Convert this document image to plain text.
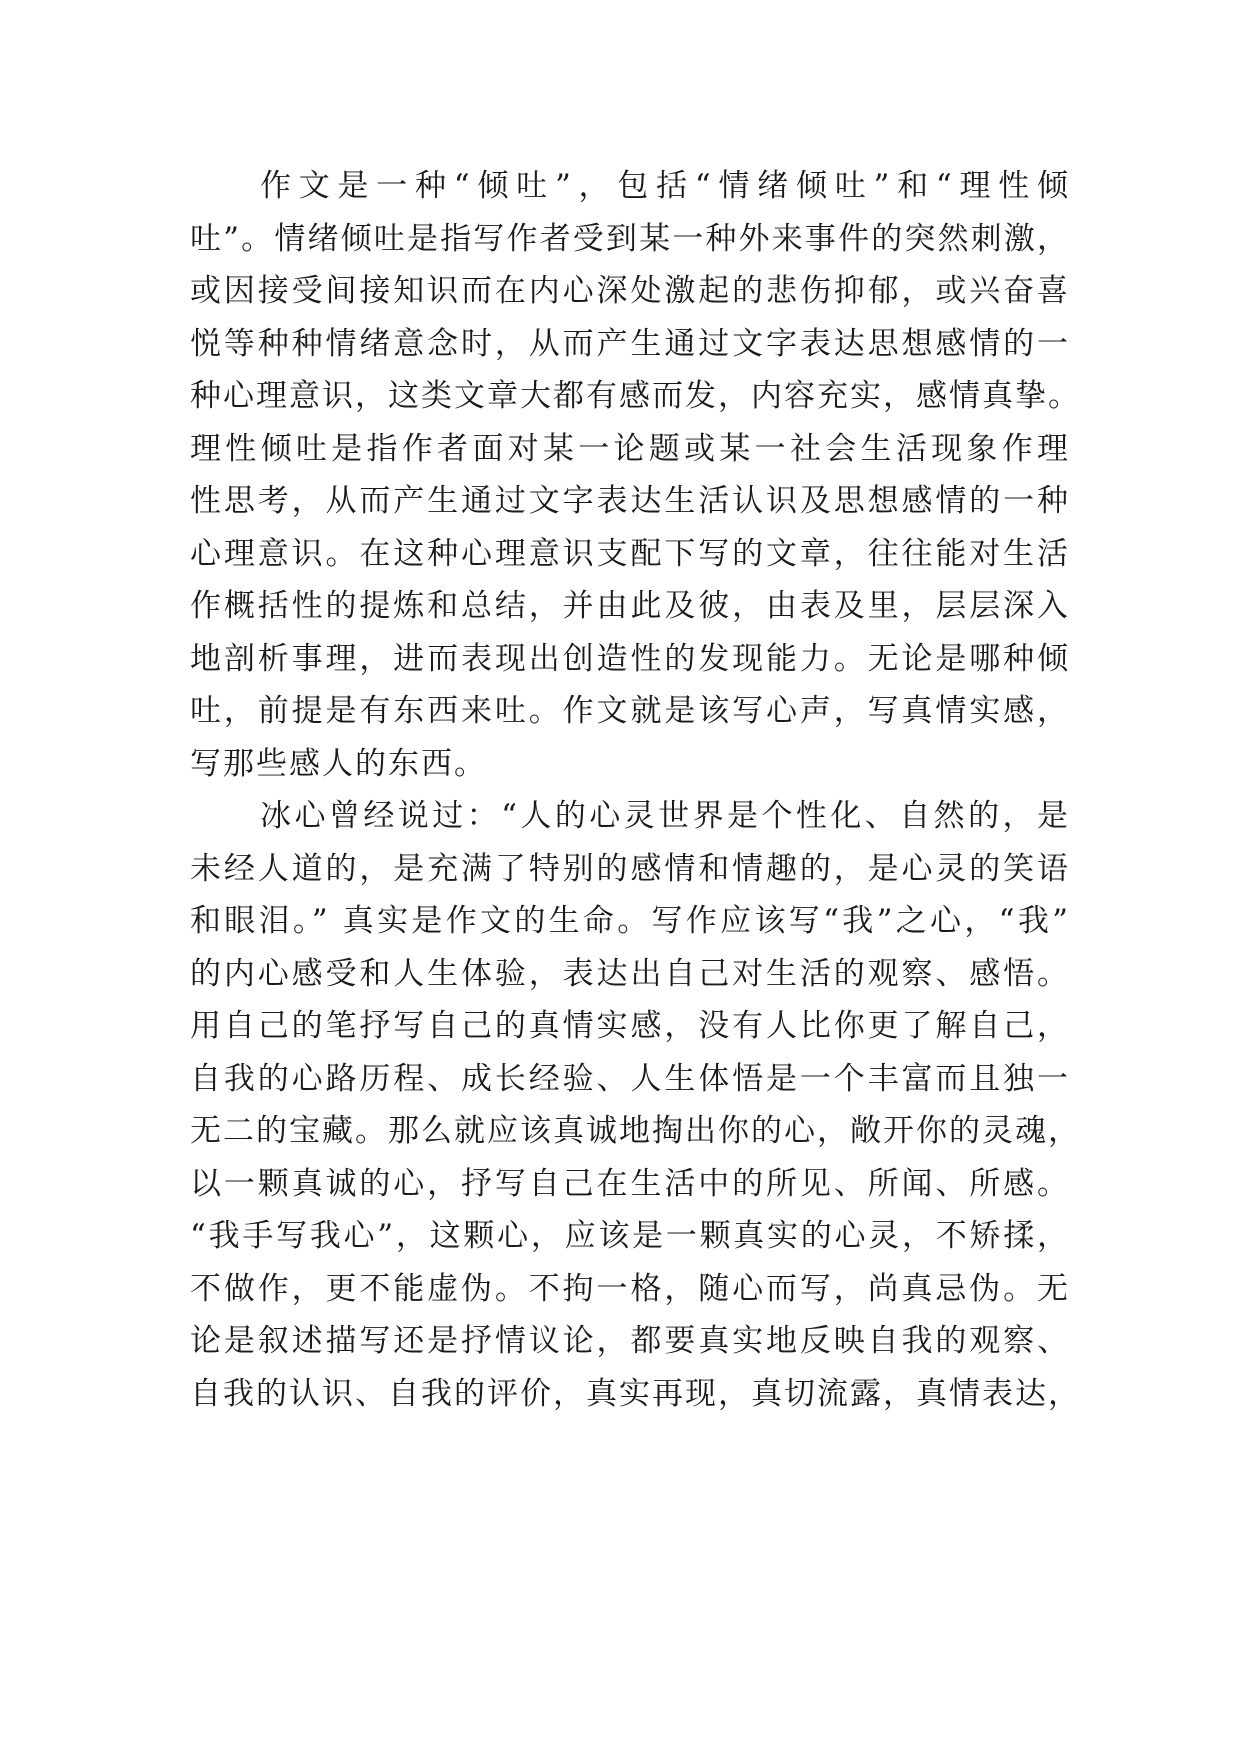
作文是一种“倾吐”，包括“情绪倾吐”和“理性倾
吐”。情绪倾吐是指写作者受到某一种外来事件的突然刺激，
或因接受间接知识而在内心深处激起的悲伤抑郁，或兴奋喜
悦等种种情绪意念时，从而产生通过文字表达思想感情的一
种心理意识，这类文章大都有感而发，内容充实，感情真挚。
理性倾吐是指作者面对某一论题或某一社会生活现象作理
性思考，从而产生通过文字表达生活认识及思想感情的一种
心理意识。在这种心理意识支配下写的文章，往往能对生活
作概括性的提炼和总结，并由此及彼，由表及里，层层深入
地剖析事理，进而表现出创造性的发现能力。无论是哪种倾
吐，前提是有东西来吐。作文就是该写心声，写真情实感，
写那些感人的东西。
冰心曾经说过：“人的心灵世界是个性化、自然的，是
未经人道的，是充满了特别的感情和情趣的，是心灵的笑语
和眼泪。” 真实是作文的生命。写作应该写“我”之心，“我”
的内心感受和人生体验，表达出自己对生活的观察、感悟。
用自己的笔抒写自己的真情实感，没有人比你更了解自己，
自我的心路历程、成长经验、人生体悟是一个丰富而且独一
无二的宝藏。那么就应该真诚地掏出你的心，敞开你的灵魂，
以一颗真诚的心，抒写自己在生活中的所见、所闻、所感。
“我手写我心”，这颗心，应该是一颗真实的心灵，不矫揉，
不做作，更不能虚伪。不拘一格，随心而写，尚真忌伪。无
论是叙述描写还是抒情议论，都要真实地反映自我的观察、
自我的认识、自我的评价，真实再现，真切流露，真情表达，
